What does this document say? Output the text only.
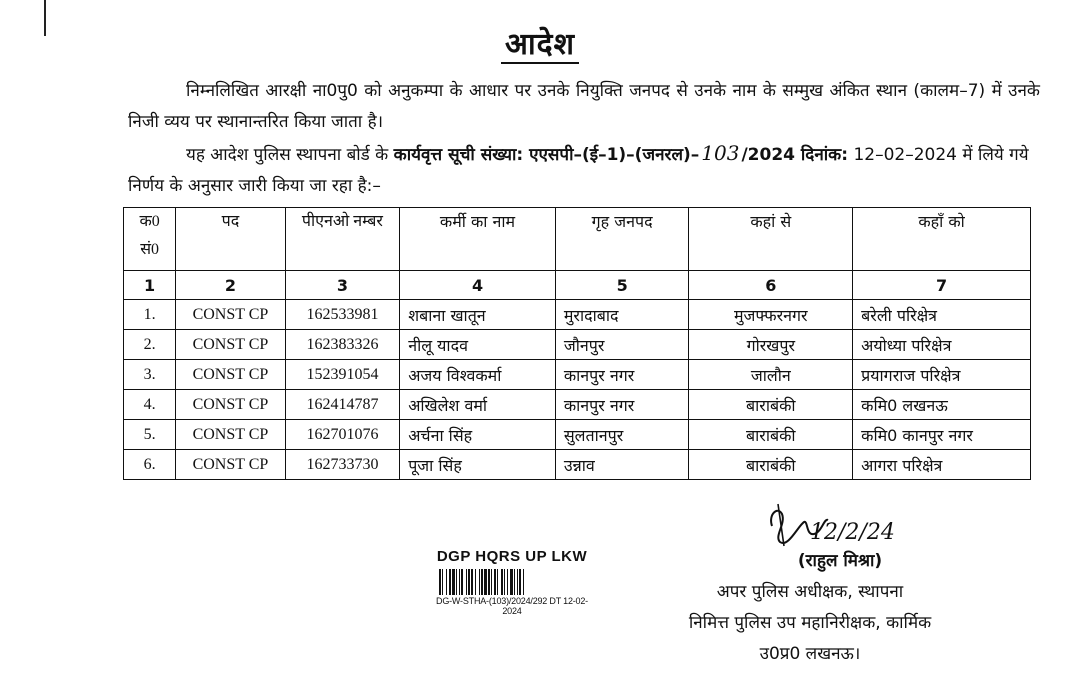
आदेश
निम्नलिखित आरक्षी ना0पु0 को अनुकम्पा के आधार पर उनके नियुक्ति जनपद से उनके नाम के सम्मुख अंकित स्थान (कालम–7) में उनके निजी व्यय पर स्थानान्तरित किया जाता है।
यह आदेश पुलिस स्थापना बोर्ड के कार्यवृत्त सूची संख्या: एएसपी–(ई–1)–(जनरल)– 103 /2024 दिनांक: 12–02–2024 में लिये गये निर्णय के अनुसार जारी किया जा रहा है:–
क0 सं0	पद	पीएनओ नम्बर	कर्मी का नाम	गृह जनपद	कहां से	कहाँ को
1	2	3	4	5	6	7
1.	CONST CP	162533981	शबाना खातून	मुरादाबाद	मुजफ्फरनगर	बरेली परिक्षेत्र
2.	CONST CP	162383326	नीलू यादव	जौनपुर	गोरखपुर	अयोध्या परिक्षेत्र
3.	CONST CP	152391054	अजय विश्वकर्मा	कानपुर नगर	जालौन	प्रयागराज परिक्षेत्र
4.	CONST CP	162414787	अखिलेश वर्मा	कानपुर नगर	बाराबंकी	कमि0 लखनऊ
5.	CONST CP	162701076	अर्चना सिंह	सुलतानपुर	बाराबंकी	कमि0 कानपुर नगर
6.	CONST CP	162733730	पूजा सिंह	उन्नाव	बाराबंकी	आगरा परिक्षेत्र
DGP HQRS UP LKW
DG-W-STHA-(103)/2024/292 DT 12-02-2024
12/2/24
(राहुल मिश्रा)
अपर पुलिस अधीक्षक, स्थापना
निमित्त पुलिस उप महानिरीक्षक, कार्मिक
उ0प्र0 लखनऊ।
